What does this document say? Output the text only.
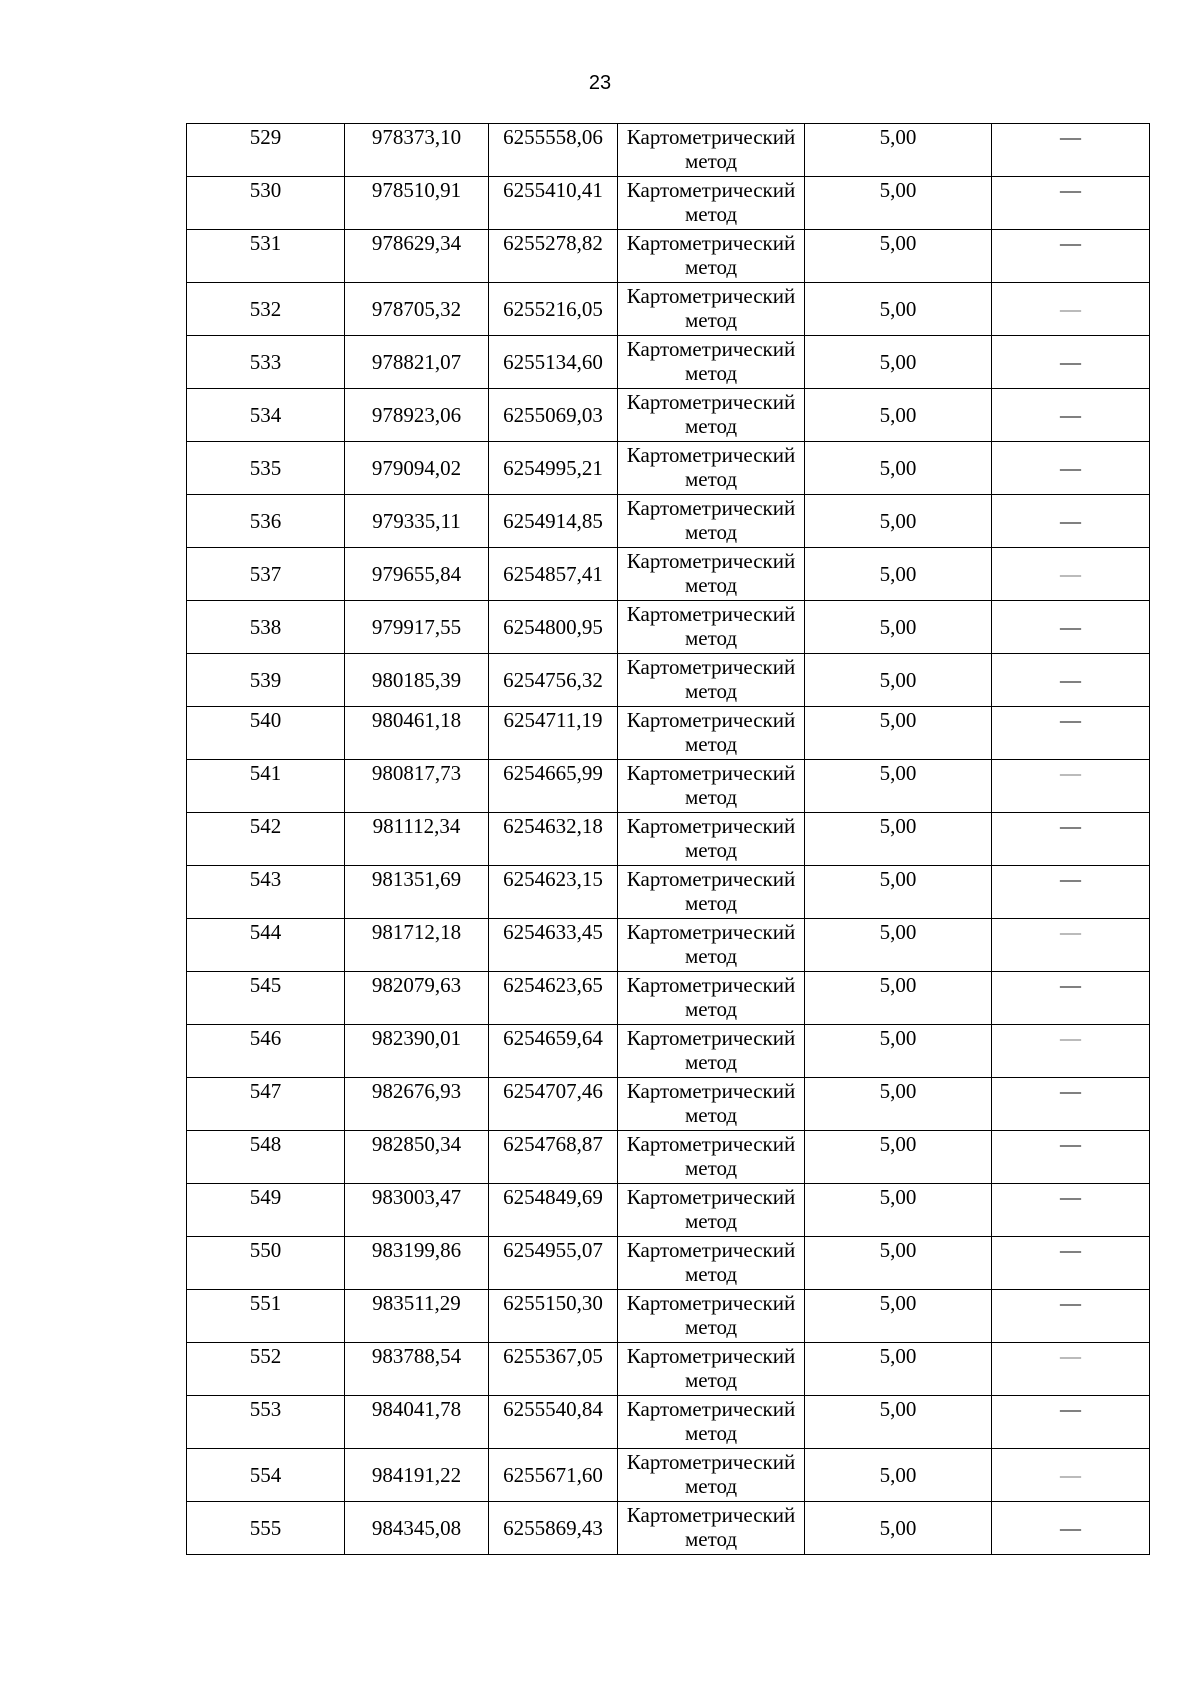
23
529	978373,10	6255558,06	Картометрический метод	5,00	—
530	978510,91	6255410,41	Картометрический метод	5,00	—
531	978629,34	6255278,82	Картометрический метод	5,00	—
532	978705,32	6255216,05	Картометрический метод	5,00	—
533	978821,07	6255134,60	Картометрический метод	5,00	—
534	978923,06	6255069,03	Картометрический метод	5,00	—
535	979094,02	6254995,21	Картометрический метод	5,00	—
536	979335,11	6254914,85	Картометрический метод	5,00	—
537	979655,84	6254857,41	Картометрический метод	5,00	—
538	979917,55	6254800,95	Картометрический метод	5,00	—
539	980185,39	6254756,32	Картометрический метод	5,00	—
540	980461,18	6254711,19	Картометрический метод	5,00	—
541	980817,73	6254665,99	Картометрический метод	5,00	—
542	981112,34	6254632,18	Картометрический метод	5,00	—
543	981351,69	6254623,15	Картометрический метод	5,00	—
544	981712,18	6254633,45	Картометрический метод	5,00	—
545	982079,63	6254623,65	Картометрический метод	5,00	—
546	982390,01	6254659,64	Картометрический метод	5,00	—
547	982676,93	6254707,46	Картометрический метод	5,00	—
548	982850,34	6254768,87	Картометрический метод	5,00	—
549	983003,47	6254849,69	Картометрический метод	5,00	—
550	983199,86	6254955,07	Картометрический метод	5,00	—
551	983511,29	6255150,30	Картометрический метод	5,00	—
552	983788,54	6255367,05	Картометрический метод	5,00	—
553	984041,78	6255540,84	Картометрический метод	5,00	—
554	984191,22	6255671,60	Картометрический метод	5,00	—
555	984345,08	6255869,43	Картометрический метод	5,00	—
